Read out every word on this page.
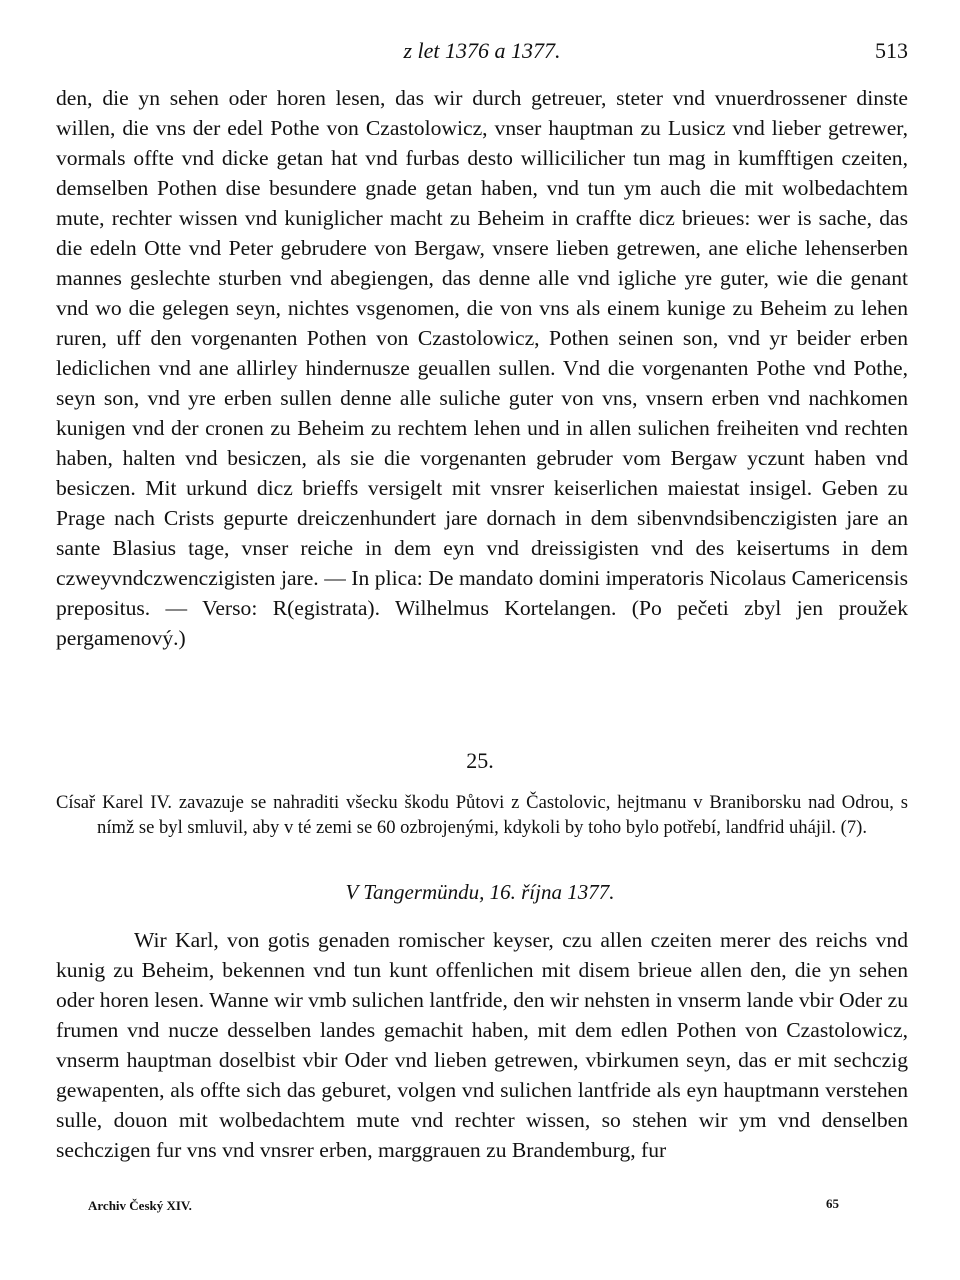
z let 1376 a 1377.	513
den, die yn sehen oder horen lesen, das wir durch getreuer, steter vnd vnuerdrossener dinste willen, die vns der edel Pothe von Czastolowicz, vnser hauptman zu Lusicz vnd lieber getrewer, vormals offte vnd dicke getan hat vnd furbas desto willicilicher tun mag in kumfftigen czeiten, demselben Pothen dise besundere gnade getan haben, vnd tun ym auch die mit wolbedachtem mute, rechter wissen vnd kuniglicher macht zu Beheim in craffte dicz brieues: wer is sache, das die edeln Otte vnd Peter gebrudere von Bergaw, vnsere lieben getrewen, ane eliche lehenserben mannes geslechte sturben vnd abegiengen, das denne alle vnd igliche yre guter, wie die genant vnd wo die gelegen seyn, nichtes vsgenomen, die von vns als einem kunige zu Beheim zu lehen ruren, uff den vorgenanten Pothen von Czastolowicz, Pothen seinen son, vnd yr beider erben lediclichen vnd ane allirley hindernusze geuallen sullen. Vnd die vorgenanten Pothe vnd Pothe, seyn son, vnd yre erben sullen denne alle suliche guter von vns, vnsern erben vnd nachkomen kunigen vnd der cronen zu Beheim zu rechtem lehen und in allen sulichen freiheiten vnd rechten haben, halten vnd besiczen, als sie die vorgenanten gebruder vom Bergaw yczunt haben vnd besiczen. Mit urkund dicz brieffs versigelt mit vnsrer keiserlichen maiestat insigel. Geben zu Prage nach Crists gepurte dreiczenhundert jare dornach in dem sibenvndsibenczigisten jare an sante Blasius tage, vnser reiche in dem eyn vnd dreissigisten vnd des keisertums in dem czweyvndczwenczigisten jare. — In plica: De mandato domini imperatoris Nicolaus Camericensis prepositus. — Verso: R(egistrata). Wilhelmus Kortelangen. (Po pečeti zbyl jen proužek pergamenový.)
25.
Císař Karel IV. zavazuje se nahraditi všecku škodu Půtovi z Častolovic, hejtmanu v Braniborsku nad Odrou, s nímž se byl smluvil, aby v té zemi se 60 ozbrojenými, kdykoli by toho bylo potřebí, landfrid uhájil. (7).
V Tangermündu, 16. října 1377.
Wir Karl, von gotis genaden romischer keyser, czu allen czeiten merer des reichs vnd kunig zu Beheim, bekennen vnd tun kunt offenlichen mit disem brieue allen den, die yn sehen oder horen lesen. Wanne wir vmb sulichen lantfride, den wir nehsten in vnserm lande vbir Oder zu frumen vnd nucze desselben landes gemachit haben, mit dem edlen Pothen von Czastolowicz, vnserm hauptman doselbist vbir Oder vnd lieben getrewen, vbirkumen seyn, das er mit sechczig gewapenten, als offte sich das geburet, volgen vnd sulichen lantfride als eyn hauptmann verstehen sulle, douon mit wolbedachtem mute vnd rechter wissen, so stehen wir ym vnd denselben sechczigen fur vns vnd vnsrer erben, marggrauen zu Brandemburg, fur
Archiv Český XIV.	65
